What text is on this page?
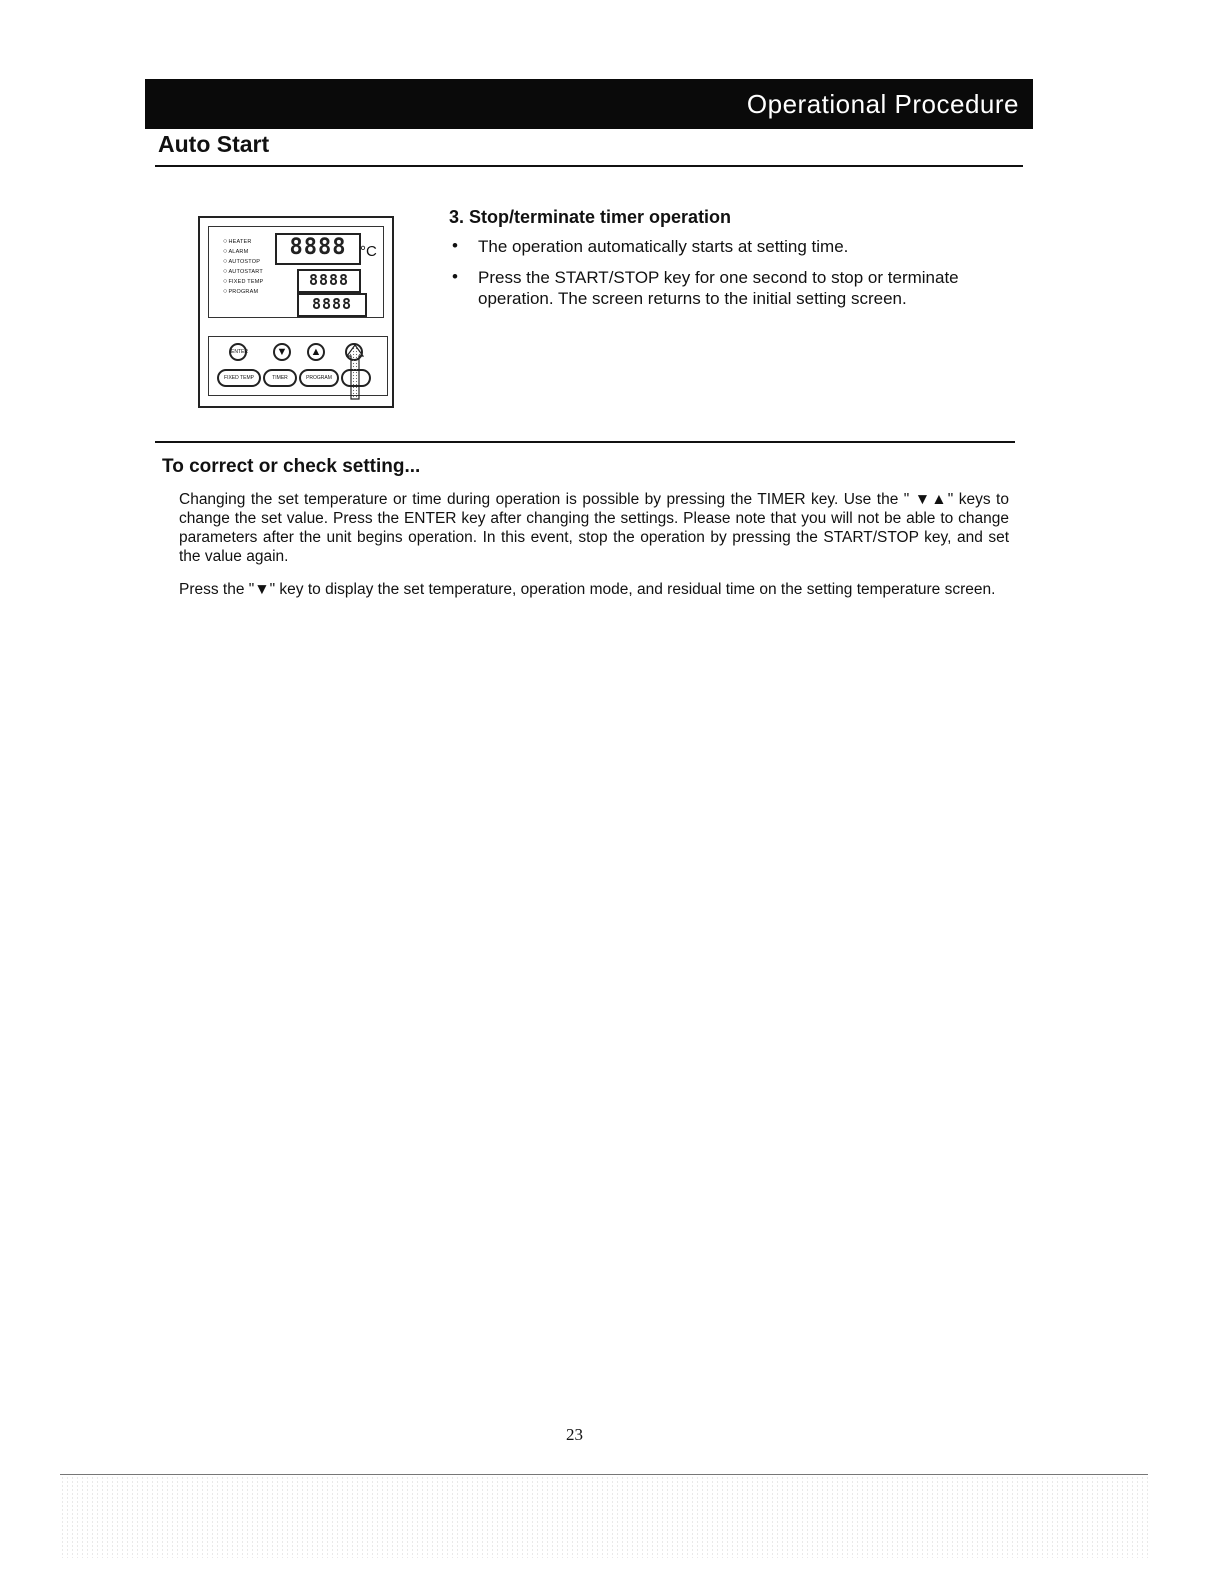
Operational Procedure
Auto Start
○ HEATER
○ ALARM
○ AUTOSTOP
○ AUTOSTART
○ FIXED TEMP
○ PROGRAM
8888 °C
8888
8888
ENTER	▼	▲
FIXED TEMP	TIMER	PROGRAM
3. Stop/terminate timer operation
• The operation automatically starts at setting time.
• Press the START/STOP key for one second to stop or terminate operation. The screen returns to the initial setting screen.
To correct or check setting...
Changing the set temperature or time during operation is possible by pressing the TIMER key. Use the " ▼▲" keys to change the set value. Press the ENTER key after changing the settings. Please note that you will not be able to change parameters after the unit begins operation. In this event, stop the operation by pressing the START/STOP key, and set the value again.
Press the "▼" key to display the set temperature, operation mode, and residual time on the setting temperature screen.
23
